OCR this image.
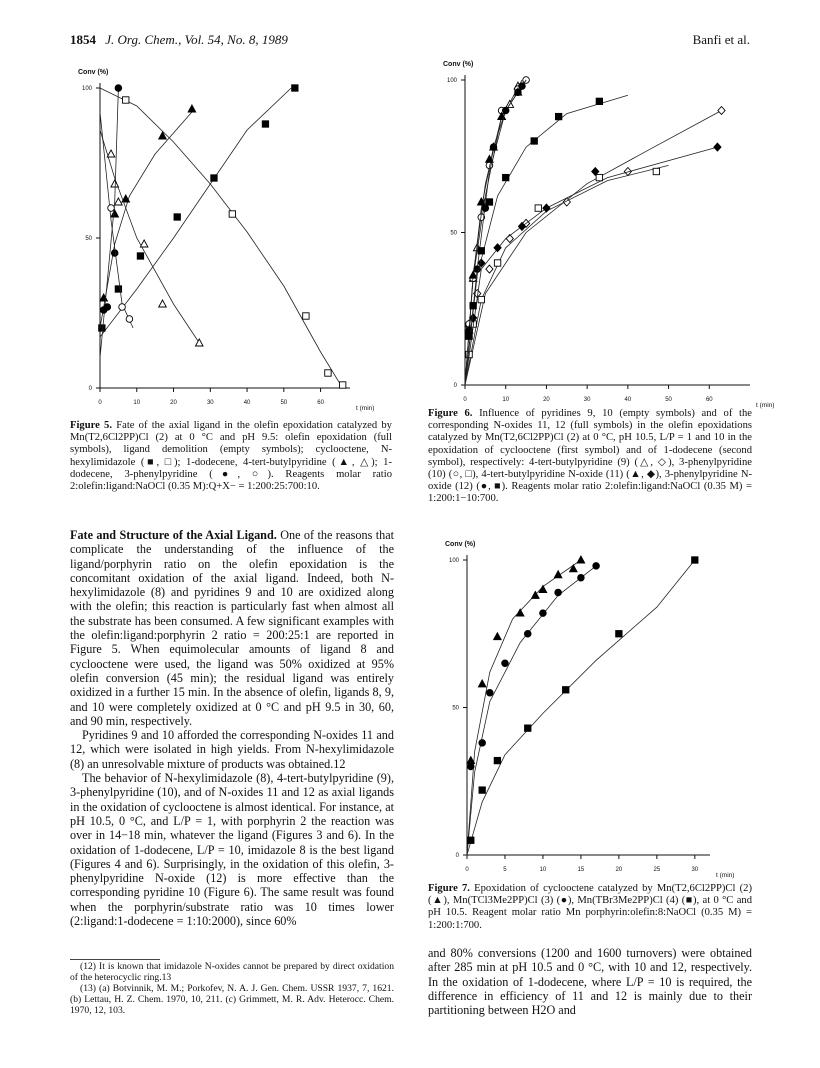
1854 J. Org. Chem., Vol. 54, No. 8, 1989	Banfi et al.
0	10	20	30	40	50	60
0
50
100
Conv (%)
t (min)
0	10	20	30	40	50	60
0
50
100
Conv (%)
t (min)
0	5	10	15	20	25	30
0
50
100
Conv (%)
t (min)
Figure 5. Fate of the axial ligand in the olefin epoxidation catalyzed by Mn(T2,6Cl2PP)Cl (2) at 0 °C and pH 9.5: olefin epoxidation (full symbols), ligand demolition (empty symbols); cyclooctene, N-hexylimidazole (■, □); 1-dodecene, 4-tert-butylpyridine (▲, △); 1-dodecene, 3-phenylpyridine (●, ○). Reagents molar ratio 2:olefin:ligand:NaOCl (0.35 M):Q+X− = 1:200:25:700:10.
Figure 6. Influence of pyridines 9, 10 (empty symbols) and of the corresponding N-oxides 11, 12 (full symbols) in the olefin epoxidations catalyzed by Mn(T2,6Cl2PP)Cl (2) at 0 °C, pH 10.5, L/P = 1 and 10 in the epoxidation of cyclooctene (first symbol) and of 1-dodecene (second symbol), respectively: 4-tert-butylpyridine (9) (△, ◇), 3-phenylpyridine (10) (○, □), 4-tert-butylpyridine N-oxide (11) (▲, ◆), 3-phenylpyridine N-oxide (12) (●, ■). Reagents molar ratio 2:olefin:ligand:NaOCl (0.35 M) = 1:200:1−10:700.
Figure 7. Epoxidation of cyclooctene catalyzed by Mn(T2,6Cl2PP)Cl (2) (▲), Mn(TCl3Me2PP)Cl (3) (●), Mn(TBr3Me2PP)Cl (4) (■), at 0 °C and pH 10.5. Reagent molar ratio Mn porphyrin:olefin:8:NaOCl (0.35 M) = 1:200:1:700.

Fate and Structure of the Axial Ligand. One of the reasons that complicate the understanding of the influence of the ligand/porphyrin ratio on the olefin epoxidation is the concomitant oxidation of the axial ligand. Indeed, both N-hexylimidazole (8) and pyridines 9 and 10 are oxidized along with the olefin; this reaction is particularly fast when almost all the substrate has been consumed. A few significant examples with the olefin:ligand:porphyrin 2 ratio = 200:25:1 are reported in Figure 5. When equimolecular amounts of ligand 8 and cyclooctene were used, the ligand was 50% oxidized at 95% olefin conversion (45 min); the residual ligand was entirely oxidized in a further 15 min. In the absence of olefin, ligands 8, 9, and 10 were completely oxidized at 0 °C and pH 9.5 in 30, 60, and 90 min, respectively.

Pyridines 9 and 10 afforded the corresponding N-oxides 11 and 12, which were isolated in high yields. From N-hexylimidazole (8) an unresolvable mixture of products was obtained.12

The behavior of N-hexylimidazole (8), 4-tert-butylpyridine (9), 3-phenylpyridine (10), and of N-oxides 11 and 12 as axial ligands in the oxidation of cyclooctene is almost identical. For instance, at pH 10.5, 0 °C, and L/P = 1, with porphyrin 2 the reaction was over in 14−18 min, whatever the ligand (Figures 3 and 6). In the oxidation of 1-dodecene, L/P = 10, imidazole 8 is the best ligand (Figures 4 and 6). Surprisingly, in the oxidation of this olefin, 3-phenylpyridine N-oxide (12) is more effective than the corresponding pyridine 10 (Figure 6). The same result was found when the porphyrin/substrate ratio was 10 times lower (2:ligand:1-dodecene = 1:10:2000), since 60%

(12) It is known that imidazole N-oxides cannot be prepared by direct oxidation of the heterocyclic ring.13

(13) (a) Botvinnik, M. M.; Porkofev, N. A. J. Gen. Chem. USSR 1937, 7, 1621. (b) Lettau, H. Z. Chem. 1970, 10, 211. (c) Grimmett, M. R. Adv. Heterocc. Chem. 1970, 12, 103.

and 80% conversions (1200 and 1600 turnovers) were obtained after 285 min at pH 10.5 and 0 °C, with 10 and 12, respectively. In the oxidation of 1-dodecene, where L/P = 10 is required, the difference in efficiency of 11 and 12 is mainly due to their partitioning between H2O and
